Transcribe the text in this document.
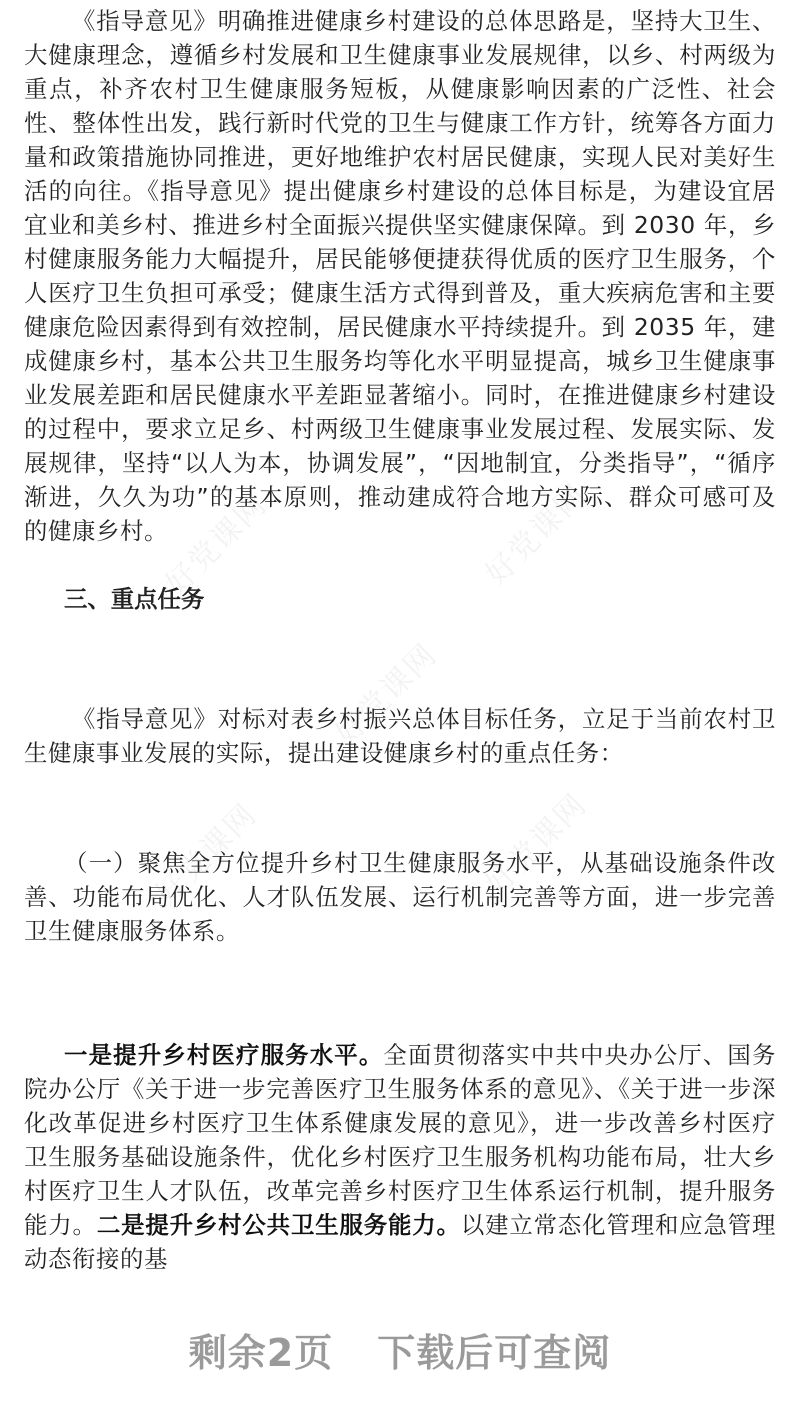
好党课网	好党课网
好党课网
好党课网	好党课网

《指导意见》明确推进健康乡村建设的总体思路是，坚持大卫生、大健康理念，遵循乡村发展和卫生健康事业发展规律，以乡、村两级为重点，补齐农村卫生健康服务短板，从健康影响因素的广泛性、社会性、整体性出发，践行新时代党的卫生与健康工作方针，统筹各方面力量和政策措施协同推进，更好地维护农村居民健康，实现人民对美好生活的向往。《指导意见》提出健康乡村建设的总体目标是，为建设宜居宜业和美乡村、推进乡村全面振兴提供坚实健康保障。到 2030 年，乡村健康服务能力大幅提升，居民能够便捷获得优质的医疗卫生服务，个人医疗卫生负担可承受；健康生活方式得到普及，重大疾病危害和主要健康危险因素得到有效控制，居民健康水平持续提升。到 2035 年，建成健康乡村，基本公共卫生服务均等化水平明显提高，城乡卫生健康事业发展差距和居民健康水平差距显著缩小。同时，在推进健康乡村建设的过程中，要求立足乡、村两级卫生健康事业发展过程、发展实际、发展规律，坚持“以人为本，协调发展”，“因地制宜，分类指导”，“循序渐进，久久为功”的基本原则，推动建成符合地方实际、群众可感可及的健康乡村。

三、重点任务

《指导意见》对标对表乡村振兴总体目标任务，立足于当前农村卫生健康事业发展的实际，提出建设健康乡村的重点任务：

（一）聚焦全方位提升乡村卫生健康服务水平，从基础设施条件改善、功能布局优化、人才队伍发展、运行机制完善等方面，进一步完善卫生健康服务体系。

一是提升乡村医疗服务水平。全面贯彻落实中共中央办公厅、国务院办公厅《关于进一步完善医疗卫生服务体系的意见》、《关于进一步深化改革促进乡村医疗卫生体系健康发展的意见》，进一步改善乡村医疗卫生服务基础设施条件，优化乡村医疗卫生服务机构功能布局，壮大乡村医疗卫生人才队伍，改革完善乡村医疗卫生体系运行机制，提升服务能力。二是提升乡村公共卫生服务能力。以建立常态化管理和应急管理动态衔接的基

剩余2页 下载后可查阅
